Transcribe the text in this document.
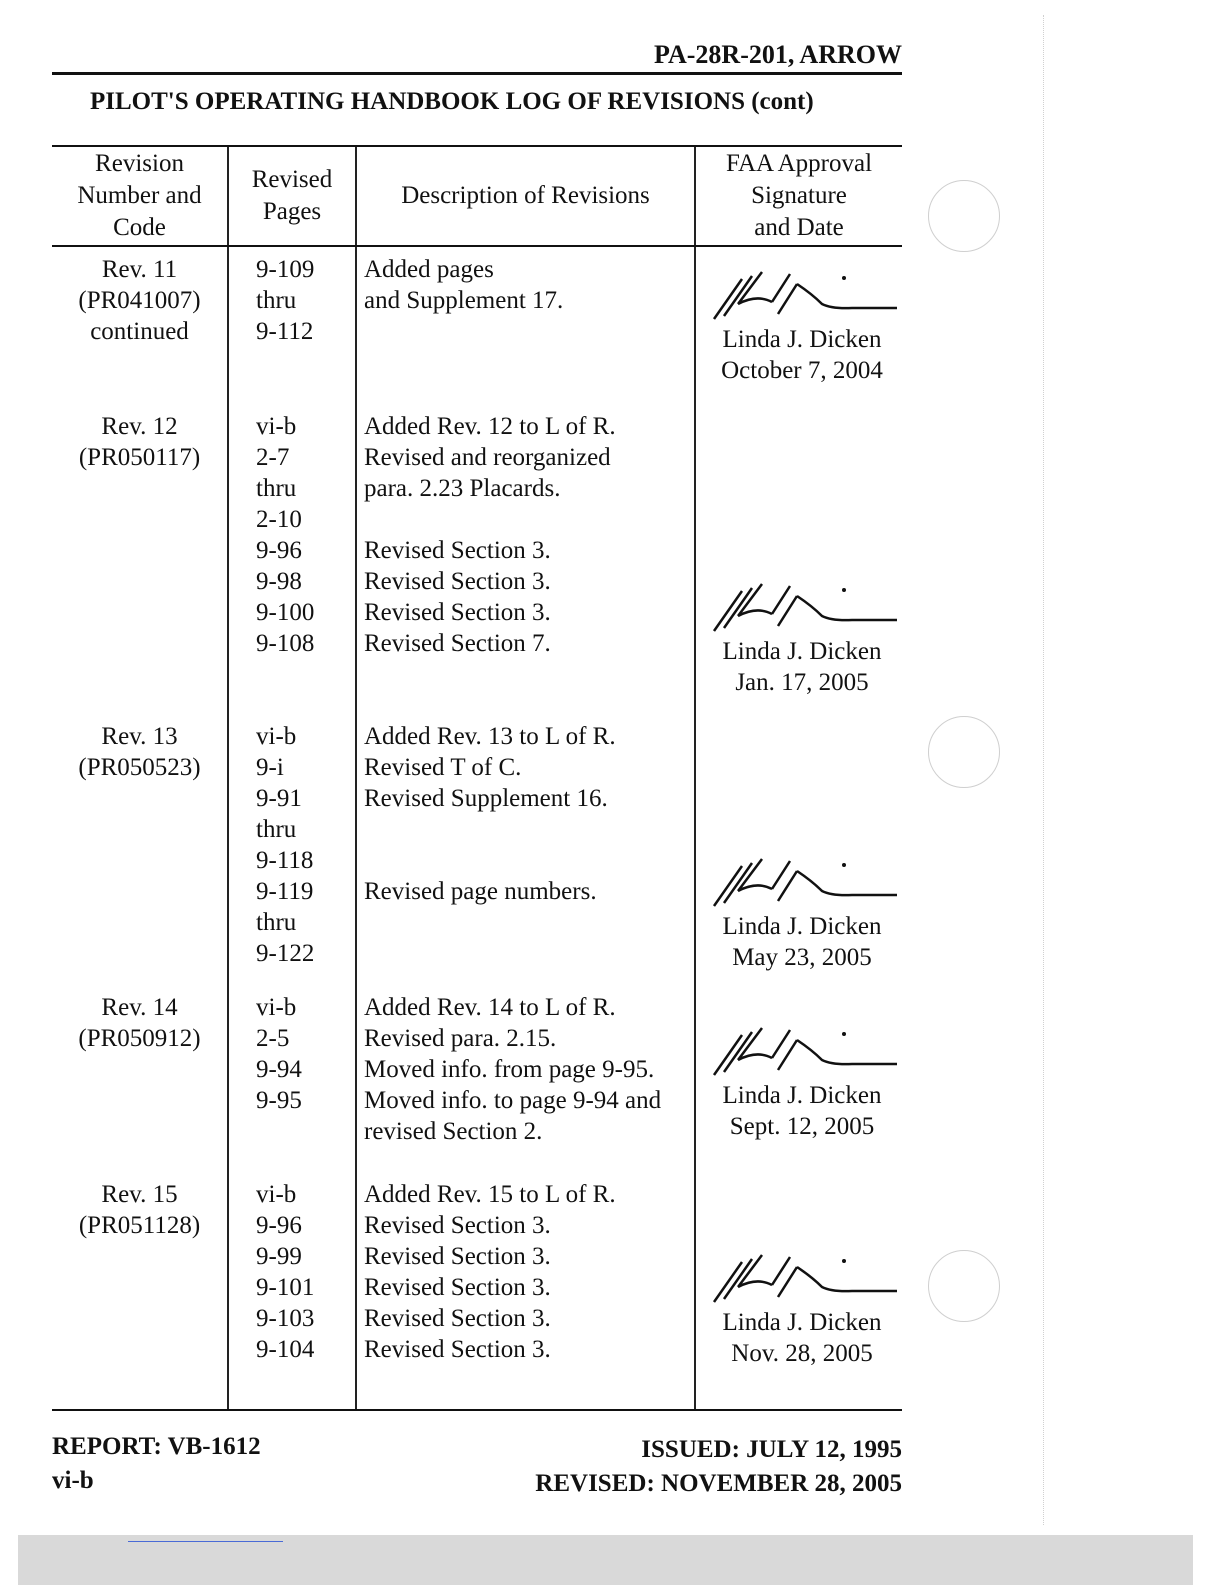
PA-28R-201, ARROW
PILOT'S OPERATING HANDBOOK LOG OF REVISIONS (cont)
Revision
Number and
Code
Revised
Pages
Description of Revisions
FAA Approval
Signature
and Date
Rev. 11
(PR041007)
continued
9-109
thru
9-112
Added pages
and Supplement 17.
Linda J. Dicken
October 7, 2004
Rev. 12
(PR050117)
vi-b
2-7
thru
2-10
9-96
9-98
9-100
9-108
Added Rev. 12 to L of R.
Revised and reorganized
para. 2.23 Placards.
Revised Section 3.
Revised Section 3.
Revised Section 3.
Revised Section 7.	Linda J. Dicken
Jan. 17, 2005
Rev. 13
(PR050523)
vi-b
9-i
9-91
thru
9-118
9-119
thru
9-122
Added Rev. 13 to L of R.
Revised T of C.
Revised Supplement 16.
Revised page numbers.
Linda J. Dicken
May 23, 2005
Rev. 14
(PR050912)
vi-b
2-5
9-94
9-95
Added Rev. 14 to L of R.
Revised para. 2.15.
Moved info. from page 9-95.
Moved info. to page 9-94 and
revised Section 2.
Linda J. Dicken
Sept. 12, 2005
Rev. 15
(PR051128)
vi-b
9-96
9-99
9-101
9-103
9-104
Added Rev. 15 to L of R.
Revised Section 3.
Revised Section 3.
Revised Section 3.
Revised Section 3.
Revised Section 3.
Linda J. Dicken
Nov. 28, 2005
REPORT: VB-1612
vi-b
ISSUED: JULY 12, 1995
REVISED: NOVEMBER 28, 2005
